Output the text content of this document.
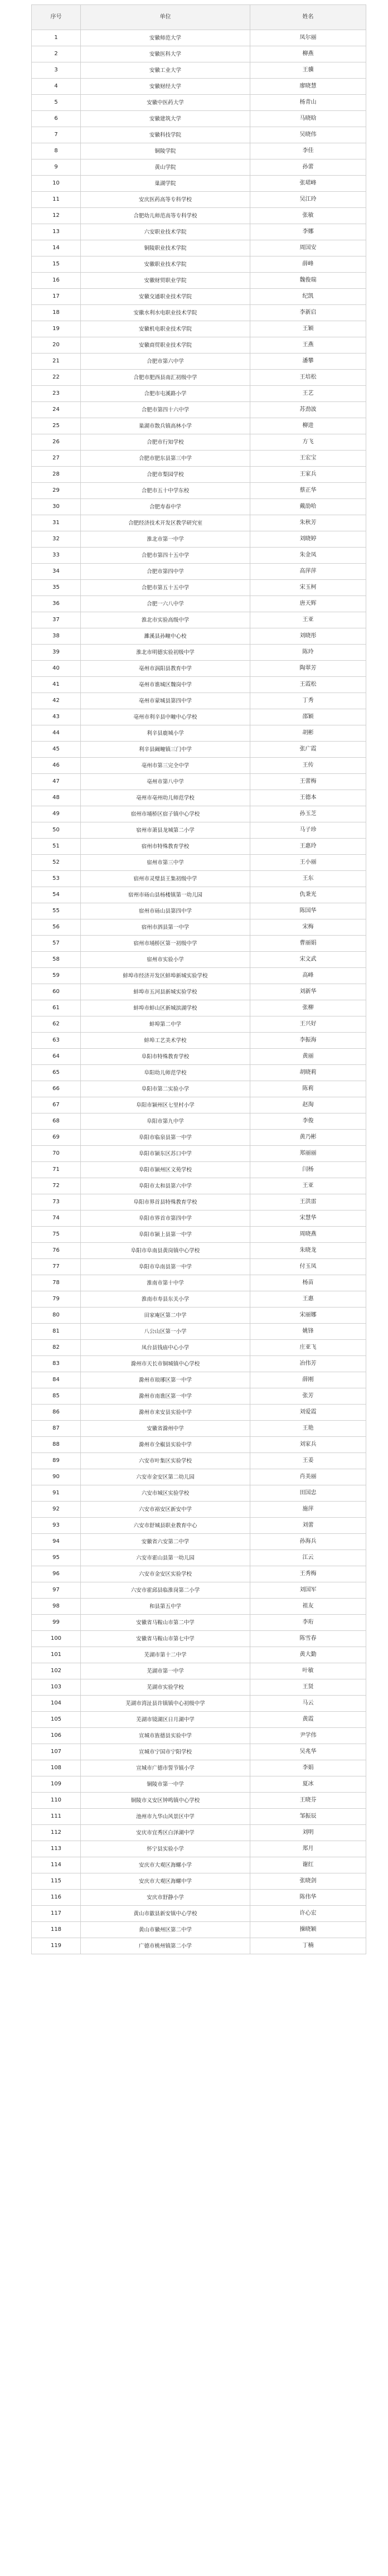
序号	单位	姓名
1	安徽师范大学	凤尔丽
2	安徽医科大学	柳燕
3	安徽工业大学	王骥
4	安徽财经大学	廖晓慧
5	安徽中医药大学	杨青山
6	安徽建筑大学	马晓晗
7	安徽科技学院	吴晓伟
8	铜陵学院	李佳
9	黄山学院	孙蕾
10	巢湖学院	张珺峰
11	安庆医药高等专科学校	吴江玲
12	合肥幼儿师范高等专科学校	张敏
13	六安职业技术学院	李娜
14	铜陵职业技术学院	周国安
15	安徽职业技术学院	薛峰
16	安徽财贸职业学院	魏俊瑞
17	安徽交通职业技术学院	纪凯
18	安徽水利水电职业技术学院	李新启
19	安徽机电职业技术学院	王颖
20	安徽商贸职业技术学院	王燕
21	合肥市第六中学	潘攀
22	合肥市肥西县南汇初级中学	王培松
23	合肥市屯溪路小学	王艺
24	合肥市第四十六中学	苏劲波
25	巢湖市散兵镇高林小学	柳进
26	合肥市行知学校	方飞
27	合肥市肥东县第三中学	王宏宝
28	合肥市梨园学校	王家兵
29	合肥市五十中学东校	蔡正华
30	合肥寿春中学	戴劭哈
31	合肥经济技术开发区教学研究室	朱秋芳
32	淮北市第一中学	刘晓婷
33	合肥市第四十五中学	朱金凤
34	合肥市第四中学	高萍萍
35	合肥市第五十五中学	宋玉柯
36	合肥一六八中学	唐天辉
37	淮北市实验高级中学	王亚
38	濉溪县孙疃中心校	刘晓彤
39	淮北市明德实验初级中学	陈玲
40	亳州市涡阳县教育中学	陶翠芳
41	亳州市谯城区魏岗中学	王霞松
42	亳州市蒙城县第四中学	丁秀
43	亳州市利辛县中疃中心学校	邵颖
44	利辛县鹿城小学	胡彬
45	利辛县阚疃镇三门中学	张广霞
46	亳州市第三完全中学	王传
47	亳州市第八中学	王蕾梅
48	亳州市亳州幼儿师范学校	王德本
49	宿州市埇桥区宿子镇中心学校	孙玉芝
50	宿州市萧县龙城第二小学	马子珍
51	宿州市特殊教育学校	王惠玲
52	宿州市第三中学	王小丽
53	宿州市灵璧县王集初级中学	王东
54	宿州市砀山县杨楼镇第一幼儿园	仇秉光
55	宿州市砀山县第四中学	陈国华
56	宿州市泗县第一中学	宋梅
57	宿州市埇桥区第一初级中学	曹丽娟
58	宿州市实验小学	宋文武
59	蚌埠市经济开发区蚌埠新城实验学校	高峰
60	蚌埠市五河县新城实验学校	刘新华
61	蚌埠市蚌山区新城滨湖学校	张柳
62	蚌埠第二中学	王兴好
63	蚌埠工艺美术学校	李振海
64	阜阳市特殊教育学校	黄丽
65	阜阳幼儿师范学校	胡晓莉
66	阜阳市第二实验小学	陈莉
67	阜阳市颍州区七里村小学	赵淘
68	阜阳市第九中学	李俊
69	阜阳市临泉县第一中学	黄乃彬
70	阜阳市颍东区苏口中学	郑丽丽
71	阜阳市颍州区文苑学校	闫杨
72	阜阳市太和县第六中学	王亚
73	阜阳市界首县特殊教育学校	王洪雷
74	阜阳市界首市第四中学	宋慧华
75	阜阳市颍上县第一中学	周晓燕
76	阜阳市阜南县黄岗镇中心学校	朱晓龙
77	阜阳市阜南县第一中学	付玉凤
78	淮南市第十中学	杨苗
79	淮南市寿县东关小学	王惠
80	田家庵区第二中学	宋丽娜
81	八公山区第一小学	姚锋
82	凤台县钱庙中心小学	庄亚飞
83	滁州市天长市铜城镇中心学校	冶伟芳
84	滁州市琅琊区第一中学	薛刚
85	滁州市南谯区第一中学	张芳
86	滁州市来安县实验中学	刘爱霞
87	安徽省滁州中学	王艳
88	滁州市全椒县实验中学	刘家兵
89	六安市叶集区实验学校	王姜
90	六安市金安区第二幼儿园	肖美丽
91	六安市城区实验学校	田国忠
92	六安市裕安区新安中学	施萍
93	六安市舒城县职业教育中心	刘蕾
94	安徽省六安第二中学	孙海兵
95	六安市霍山县第一幼儿园	江云
96	六安市金安区实验学校	王秀梅
97	六安市霍邱县临淮岗第二小学	刘国军
98	和县第五中学	祖友
99	安徽省马鞍山市第二中学	李珩
100	安徽省马鞍山市第七中学	陈雪春
101	芜湖市第十二中学	黄大勤
102	芜湖市第一中学	叶敏
103	芜湖市实验学校	王贤
104	芜湖市湾沚县许镇镇中心初级中学	马云
105	芜湖市镜湖区日月湖中学	黄霞
106	宣城市旌德县实验中学	尹学伟
107	宣城市宁国市宁阳学校	吴兆华
108	宣城市广德市誓节镇小学	李娟
109	铜陵市第一中学	夏冰
110	铜陵市义安区钟鸣镇中心学校	王晓芬
111	池州市九华山风景区中学	邹振辰
112	安庆市宜秀区白泽湖中学	刘明
113	怀宁县实验小学	郑月
114	安庆市大观区海螺小学	谢红
115	安庆市大观区海螺中学	张晓剑
116	安庆市舒静小学	陈伟华
117	黄山市歙县新安镇中心学校	许心宏
118	黄山市徽州区第二中学	操晓颖
119	广德市桃州镇第二小学	丁楠
